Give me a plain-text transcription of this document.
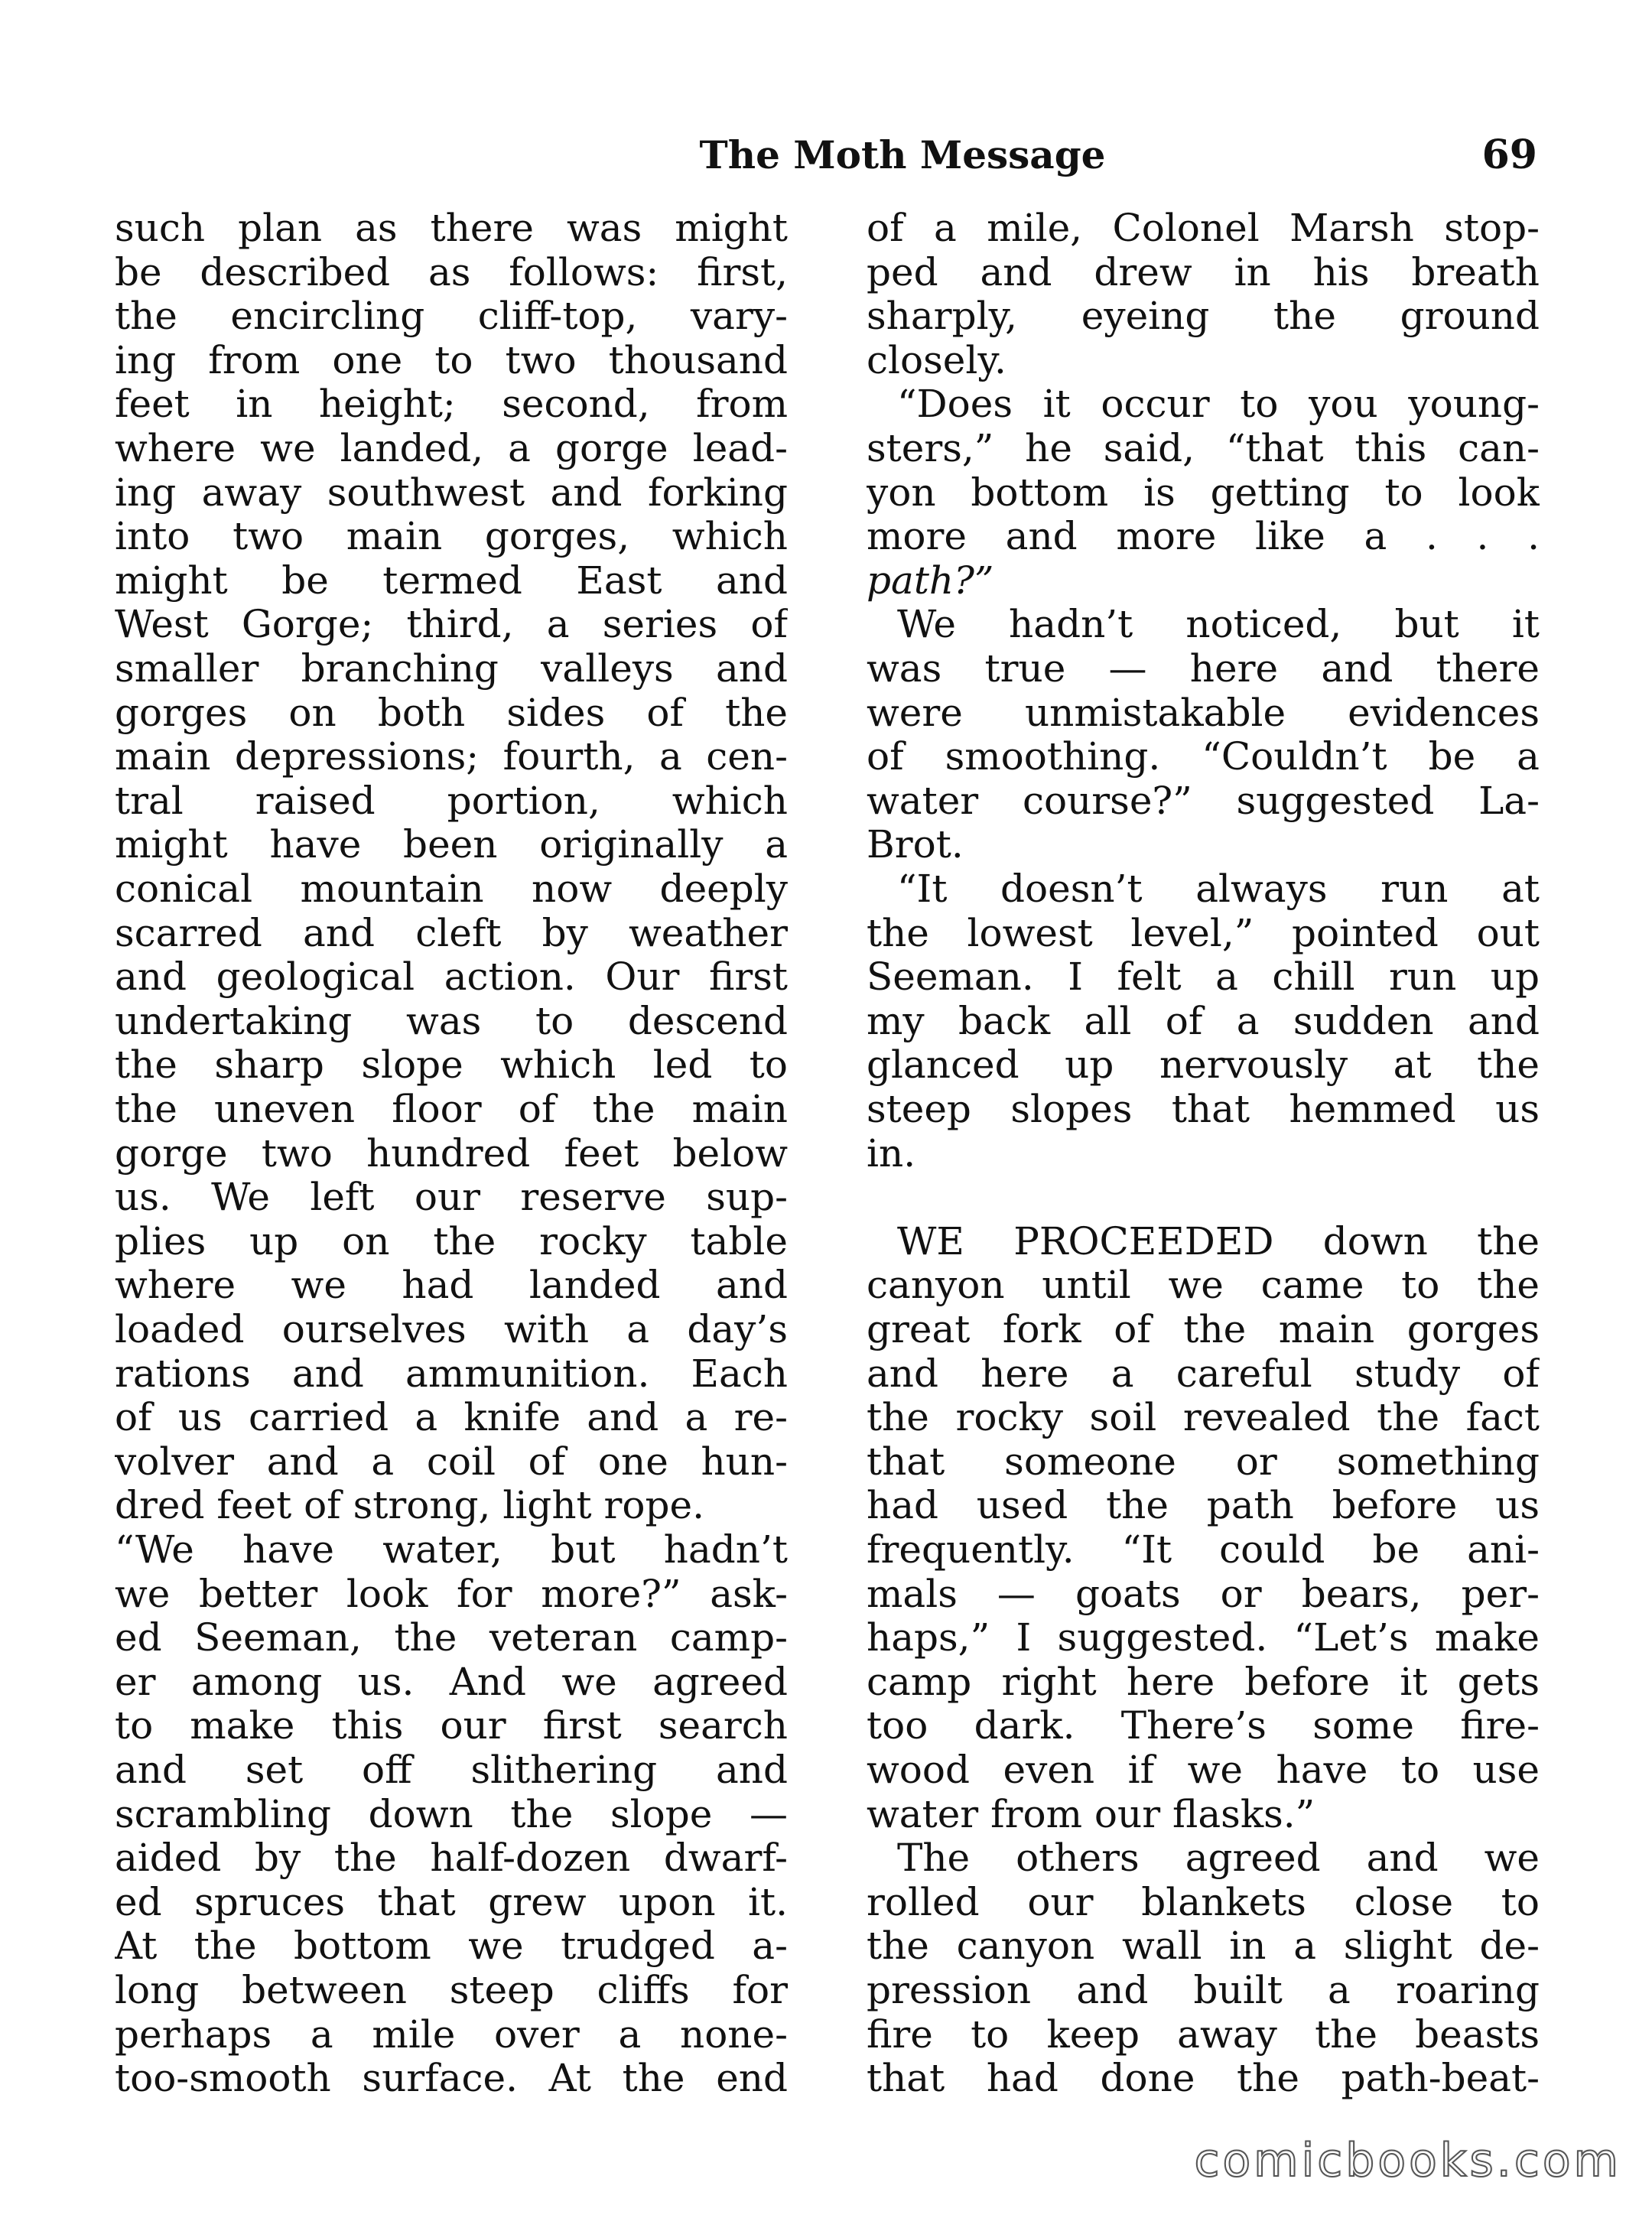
The Moth Message	69
such plan as there was might
be described as follows: first,
the encircling cliff-top, vary-
ing from one to two thousand
feet in height; second, from
where we landed, a gorge lead-
ing away southwest and forking
into two main gorges, which
might be termed East and
West Gorge; third, a series of
smaller branching valleys and
gorges on both sides of the
main depressions; fourth, a cen-
tral raised portion, which
might have been originally a
conical mountain now deeply
scarred and cleft by weather
and geological action. Our first
undertaking was to descend
the sharp slope which led to
the uneven floor of the main
gorge two hundred feet below
us. We left our reserve sup-
plies up on the rocky table
where we had landed and
loaded ourselves with a day’s
rations and ammunition. Each
of us carried a knife and a re-
volver and a coil of one hun-
dred feet of strong, light rope.
“We have water, but hadn’t
we better look for more?” ask-
ed Seeman, the veteran camp-
er among us. And we agreed
to make this our first search
and set off slithering and
scrambling down the slope —
aided by the half-dozen dwarf-
ed spruces that grew upon it.
At the bottom we trudged a-
long between steep cliffs for
perhaps a mile over a none-
too-smooth surface. At the end
of a mile, Colonel Marsh stop-
ped and drew in his breath
sharply, eyeing the ground
closely.
“Does it occur to you young-
sters,” he said, “that this can-
yon bottom is getting to look
more and more like a . . .
path?”
We hadn’t noticed, but it
was true — here and there
were unmistakable evidences
of smoothing. “Couldn’t be a
water course?” suggested La-
Brot.
“It doesn’t always run at
the lowest level,” pointed out
Seeman. I felt a chill run up
my back all of a sudden and
glanced up nervously at the
steep slopes that hemmed us
in.
WE PROCEEDED down the
canyon until we came to the
great fork of the main gorges
and here a careful study of
the rocky soil revealed the fact
that someone or something
had used the path before us
frequently. “It could be ani-
mals — goats or bears, per-
haps,” I suggested. “Let’s make
camp right here before it gets
too dark. There’s some fire-
wood even if we have to use
water from our flasks.”
The others agreed and we
rolled our blankets close to
the canyon wall in a slight de-
pression and built a roaring
fire to keep away the beasts
that had done the path-beat-
comicbooks.com
